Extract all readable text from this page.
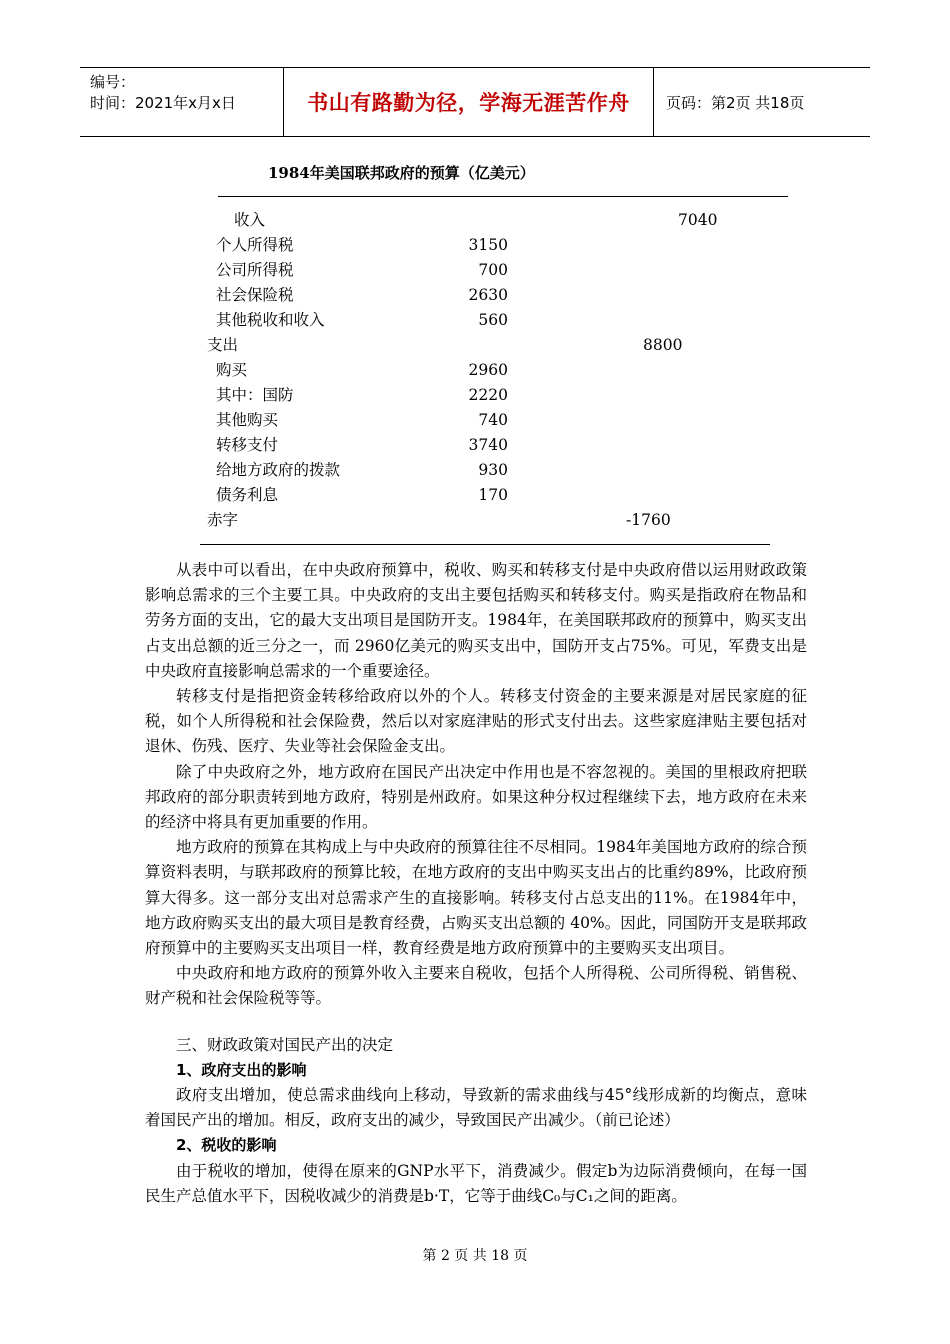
编号：
时间：2021年x月x日	书山有路勤为径，学海无涯苦作舟	页码：第2页 共18页
1984年美国联邦政府的预算（亿美元）
收入	7040
个人所得税	3150
公司所得税	700
社会保险税	2630
其他税收和收入	560
支出	8800
购买	2960
其中：国防	2220
其他购买	740
转移支付	3740
给地方政府的拨款	930
债务利息	170
赤字	-1760

从表中可以看出，在中央政府预算中，税收、购买和转移支付是中央政府借以运用财政政策影响总需求的三个主要工具。中央政府的支出主要包括购买和转移支付。购买是指政府在物品和劳务方面的支出，它的最大支出项目是国防开支。1984年，在美国联邦政府的预算中，购买支出占支出总额的近三分之一，而 2960亿美元的购买支出中，国防开支占75%。可见，军费支出是中央政府直接影响总需求的一个重要途径。

转移支付是指把资金转移给政府以外的个人。转移支付资金的主要来源是对居民家庭的征税，如个人所得税和社会保险费，然后以对家庭津贴的形式支付出去。这些家庭津贴主要包括对退休、伤残、医疗、失业等社会保险金支出。

除了中央政府之外，地方政府在国民产出决定中作用也是不容忽视的。美国的里根政府把联邦政府的部分职责转到地方政府，特别是州政府。如果这种分权过程继续下去，地方政府在未来的经济中将具有更加重要的作用。

地方政府的预算在其构成上与中央政府的预算往往不尽相同。1984年美国地方政府的综合预算资料表明，与联邦政府的预算比较，在地方政府的支出中购买支出占的比重约89%，比政府预算大得多。这一部分支出对总需求产生的直接影响。转移支付占总支出的11%。在1984年中，地方政府购买支出的最大项目是教育经费，占购买支出总额的 40%。因此，同国防开支是联邦政府预算中的主要购买支出项目一样，教育经费是地方政府预算中的主要购买支出项目。

中央政府和地方政府的预算外收入主要来自税收，包括个人所得税、公司所得税、销售税、财产税和社会保险税等等。

三、财政政策对国民产出的决定

1、政府支出的影响

政府支出增加，使总需求曲线向上移动，导致新的需求曲线与45°线形成新的均衡点，意味着国民产出的增加。相反，政府支出的减少，导致国民产出减少。（前已论述）

2、税收的影响

由于税收的增加，使得在原来的GNP水平下，消费减少。假定b为边际消费倾向，在每一国民生产总值水平下，因税收减少的消费是b·T，它等于曲线C₀与C₁之间的距离。

第 2 页 共 18 页
